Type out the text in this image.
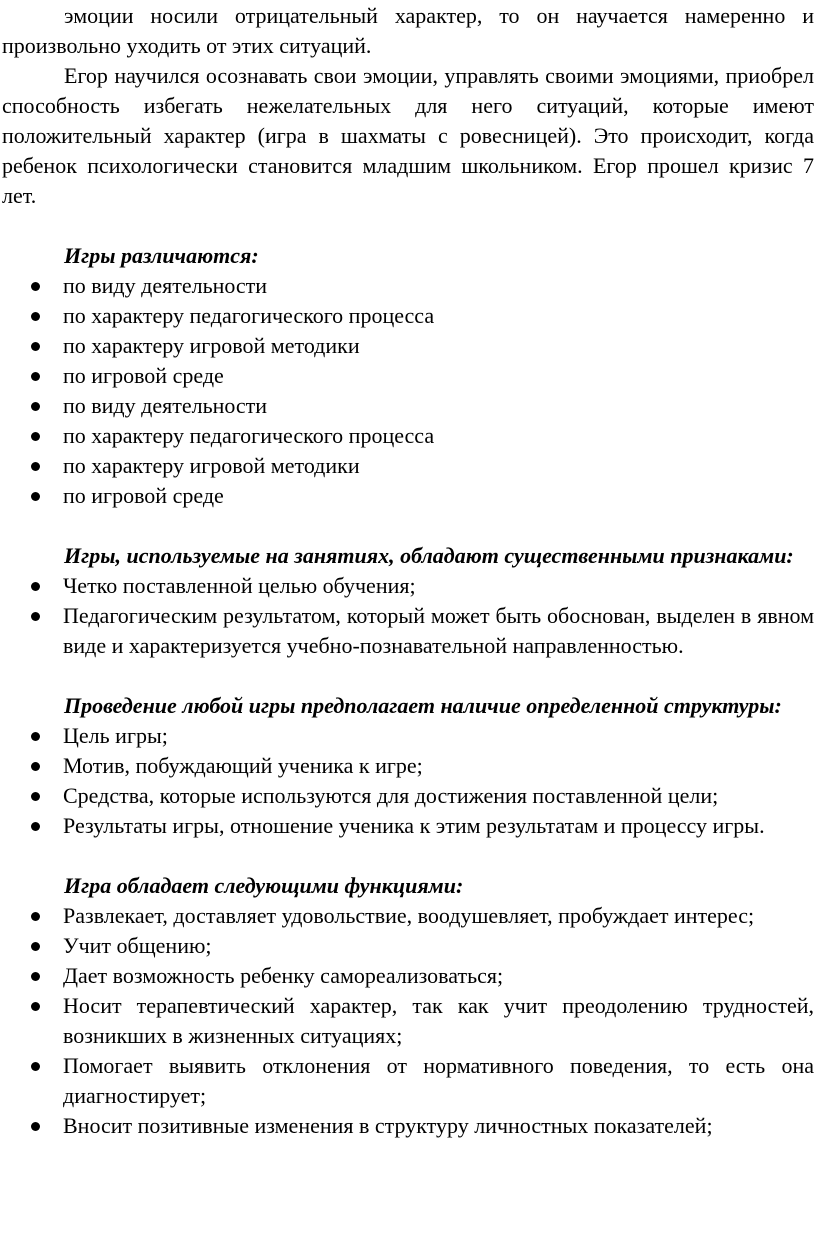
эмоции носили отрицательный характер, то он научается намеренно и произвольно уходить от этих ситуаций.

Егор научился осознавать свои эмоции, управлять своими эмоциями, приобрел способность избегать нежелательных для него ситуаций, которые имеют положительный характер (игра в шахматы с ровесницей). Это происходит, когда ребенок психологически становится младшим школьником. Егор прошел кризис 7 лет.

Игры различаются:

по виду деятельности
по характеру педагогического процесса
по характеру игровой методики
по игровой среде
по виду деятельности
по характеру педагогического процесса
по характеру игровой методики
по игровой среде

Игры, используемые на занятиях, обладают существенными признаками:

Четко поставленной целью обучения;
Педагогическим результатом, который может быть обоснован, выделен в явном виде и характеризуется учебно-познавательной направленностью.

Проведение любой игры предполагает наличие определенной структуры:

Цель игры;
Мотив, побуждающий ученика к игре;
Средства, которые используются для достижения поставленной цели;
Результаты игры, отношение ученика к этим результатам и процессу игры.

Игра обладает следующими функциями:

Развлекает, доставляет удовольствие, воодушевляет, пробуждает интерес;
Учит общению;
Дает возможность ребенку самореализоваться;
Носит терапевтический характер, так как учит преодолению трудностей, возникших в жизненных ситуациях;
Помогает выявить отклонения от нормативного поведения, то есть она диагностирует;
Вносит позитивные изменения в структуру личностных показателей;
